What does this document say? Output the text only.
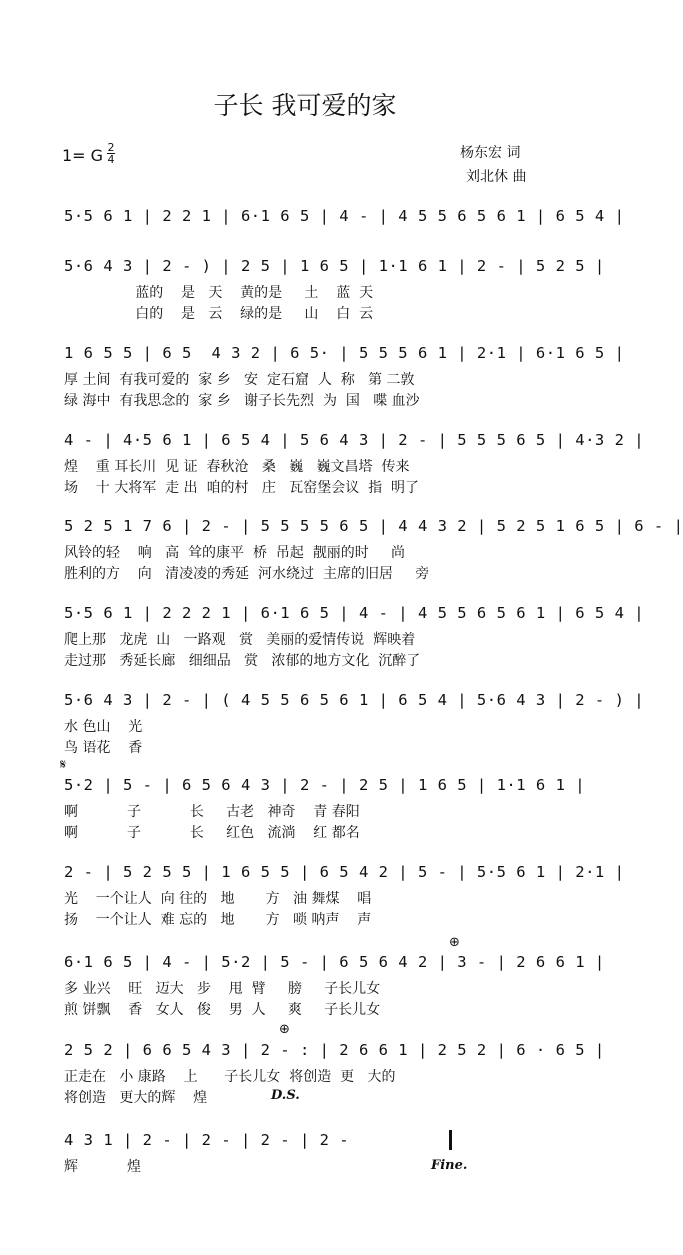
子长 我可爱的家
1= G 2
4	杨东宏 词
刘北休 曲
5·5 6 1 | 2 2 1 | 6·1 6 5 | 4 - | 4 5 5 6 5 6 1 | 6 5 4 |
5·6 4 3 | 2 - ) | 2 5 | 1 6 5 | 1·1 6 1 | 2 - | 5 2 5 |
蓝的    是   天    黄的是     土    蓝  天
白的    是   云    绿的是     山    白  云
1 6 5 5 | 6 5  4 3 2 | 6 5· | 5 5 5 6 1 | 2·1 | 6·1 6 5 |
厚 土间  有我可爱的  家 乡   安  定石窟  人  称   第 二敦
绿 海中  有我思念的  家 乡   谢子长先烈  为  国   喋 血沙
4 - | 4·5 6 1 | 6 5 4 | 5 6 4 3 | 2 - | 5 5 5 6 5 | 4·3 2 |
煌    重 耳长川  见 证  春秋沧   桑   巍   巍文昌塔  传来
场    十 大将军  走 出  咱的村   庄   瓦窑堡会议  指  明了
5 2 5 1 7 6 | 2 - | 5 5 5 5 6 5 | 4 4 3 2 | 5 2 5 1 6 5 | 6 - |
风铃的轻    响   高  耸的康平  桥  吊起  靓丽的时     尚
胜利的方    向   清凌凌的秀延  河水绕过  主席的旧居     旁
5·5 6 1 | 2 2 2 1 | 6·1 6 5 | 4 - | 4 5 5 6 5 6 1 | 6 5 4 |
爬上那   龙虎  山   一路观   赏   美丽的爱情传说  辉映着
走过那   秀延长廊   细细品   赏   浓郁的地方文化  沉醉了
5·6 4 3 | 2 - | ( 4 5 5 6 5 6 1 | 6 5 4 | 5·6 4 3 | 2 - ) |
水 色山    光
鸟 语花    香
𝄋
5·2 | 5 - | 6 5 6 4 3 | 2 - | 2 5 | 1 6 5 | 1·1 6 1 |
啊           子           长     古老   神奇    青 春阳
啊           子           长     红色   流淌    红 都名
2 - | 5 2 5 5 | 1 6 5 5 | 6 5 4 2 | 5 - | 5·5 6 1 | 2·1 |
光    一个让人  向 往的   地       方   油 舞煤    唱
扬    一个让人  难 忘的   地       方   唢 呐声    声
⊕
6·1 6 5 | 4 - | 5·2 | 5 - | 6 5 6 4 2 | 3 - | 2 6 6 1 |
多 业兴    旺   迈大   步    甩  臂     膀     子长儿女
煎 饼飘    香   女人   俊    男  人     爽     子长儿女
⊕
2 5 2 | 6 6 5 4 3 | 2 - : | 2 6 6 1 | 2 5 2 | 6 · 6 5 |
正走在   小 康路    上      子长儿女  将创造  更   大的
将创造   更大的辉    煌	D.S.
4 3 1 | 2 - | 2 - | 2 - | 2 -
辉           煌	Fine.
